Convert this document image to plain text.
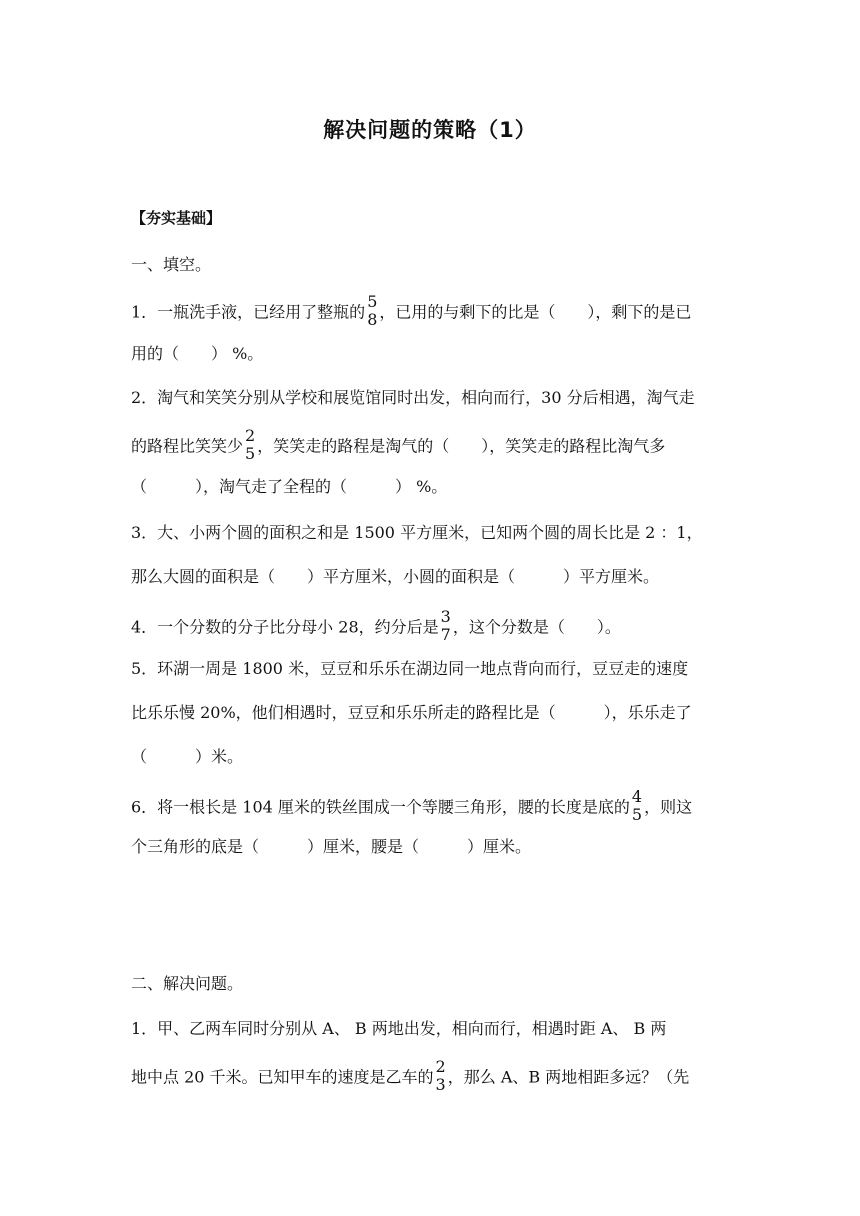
解决问题的策略（1）
【夯实基础】
一、填空。
1．一瓶洗手液，已经用了整瓶的
5
8 ，已用的与剩下的比是（　　），剩下的是已
用的（　　） %。
2．淘气和笑笑分别从学校和展览馆同时出发，相向而行，30 分后相遇，淘气走
的路程比笑笑少
2
5 ，笑笑走的路程是淘气的（　　），笑笑走的路程比淘气多
（　　　），淘气走了全程的（　　　） %。
3．大、小两个圆的面积之和是 1500 平方厘米，已知两个圆的周长比是 2 ：1，
那么大圆的面积是（　　）平方厘米，小圆的面积是（　　　）平方厘米。
4．一个分数的分子比分母小 28，约分后是
3
7 ，这个分数是（　　）。
5．环湖一周是 1800 米，豆豆和乐乐在湖边同一地点背向而行，豆豆走的速度
比乐乐慢 20%，他们相遇时，豆豆和乐乐所走的路程比是（　　　），乐乐走了
（　　　）米。
6．将一根长是 104 厘米的铁丝围成一个等腰三角形，腰的长度是底的
4
5 ，则这
个三角形的底是（　　　）厘米，腰是（　　　）厘米。
二、解决问题。
1．甲、乙两车同时分别从 A、 B 两地出发，相向而行，相遇时距 A、 B 两
地中点 20 千米。已知甲车的速度是乙车的
2
3 ，那么 A、B 两地相距多远？（先
